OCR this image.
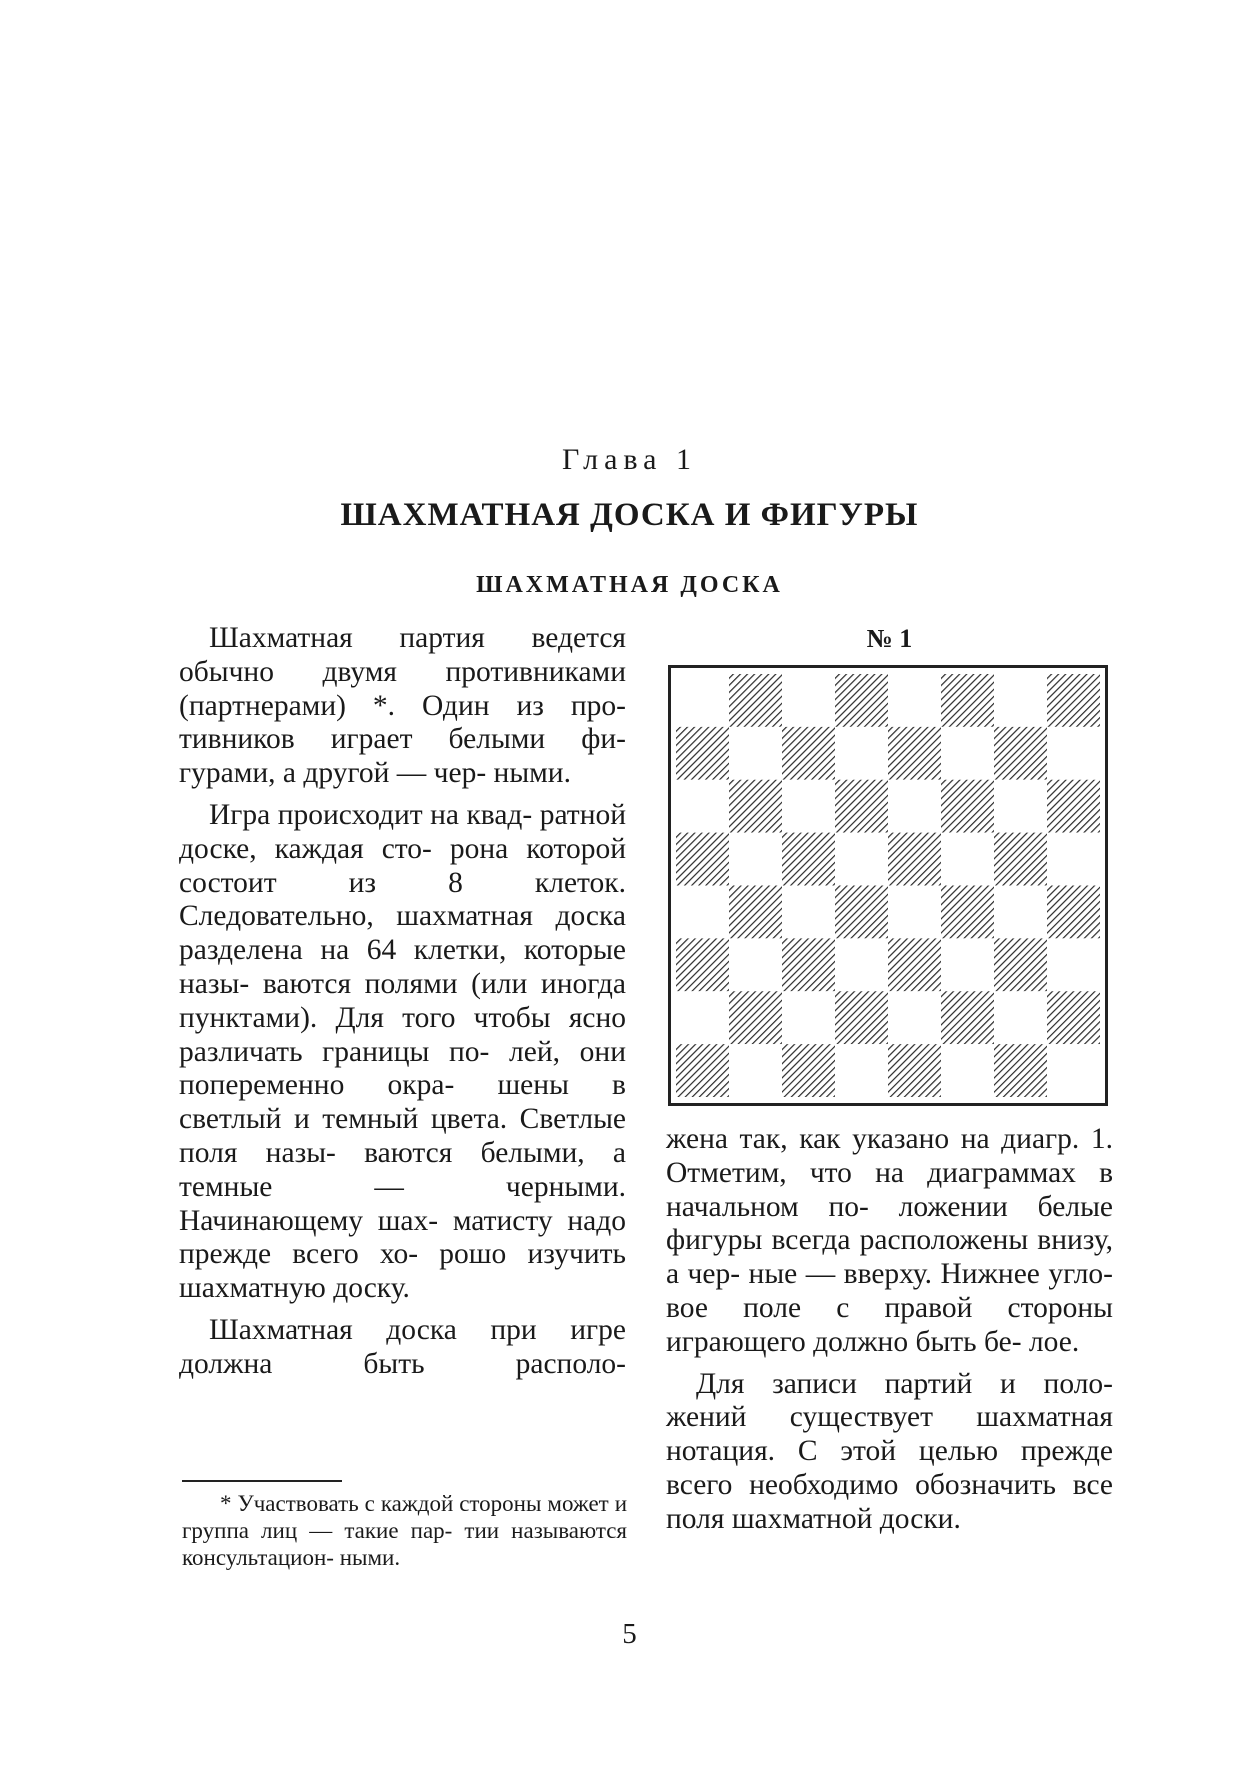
Глава 1
ШАХМАТНАЯ ДОСКА И ФИГУРЫ
ШАХМАТНАЯ ДОСКА

Шахматная партия ведется обычно двумя противниками (партнерами) *. Один из про- тивников играет белыми фи- гурами, а другой — чер- ными.

Игра происходит на квад- ратной доске, каждая сто- рона которой состоит из 8 клеток. Следовательно, шахматная доска разделена на 64 клетки, которые назы- ваются полями (или иногда пунктами). Для того чтобы ясно различать границы по- лей, они попеременно окра- шены в светлый и темный цвета. Светлые поля назы- ваются белыми, а темные —	черными. Начинающему шах- матисту надо прежде всего хо- рошо изучить шахматную доску.

Шахматная доска при игре должна быть располо-

* Участвовать с каждой стороны может и группа лиц — такие пар- тии называются консультацион- ными.

№ 1

жена так, как указано на диагр. 1. Отметим, что на диаграммах в начальном по- ложении белые фигуры всегда расположены внизу, а чер- ные — вверху. Нижнее угло- вое поле с правой стороны играющего должно быть бе- лое.

Для записи партий и поло- жений существует шахматная нотация. С этой целью прежде всего необходимо обозначить все поля шахматной доски.

5
